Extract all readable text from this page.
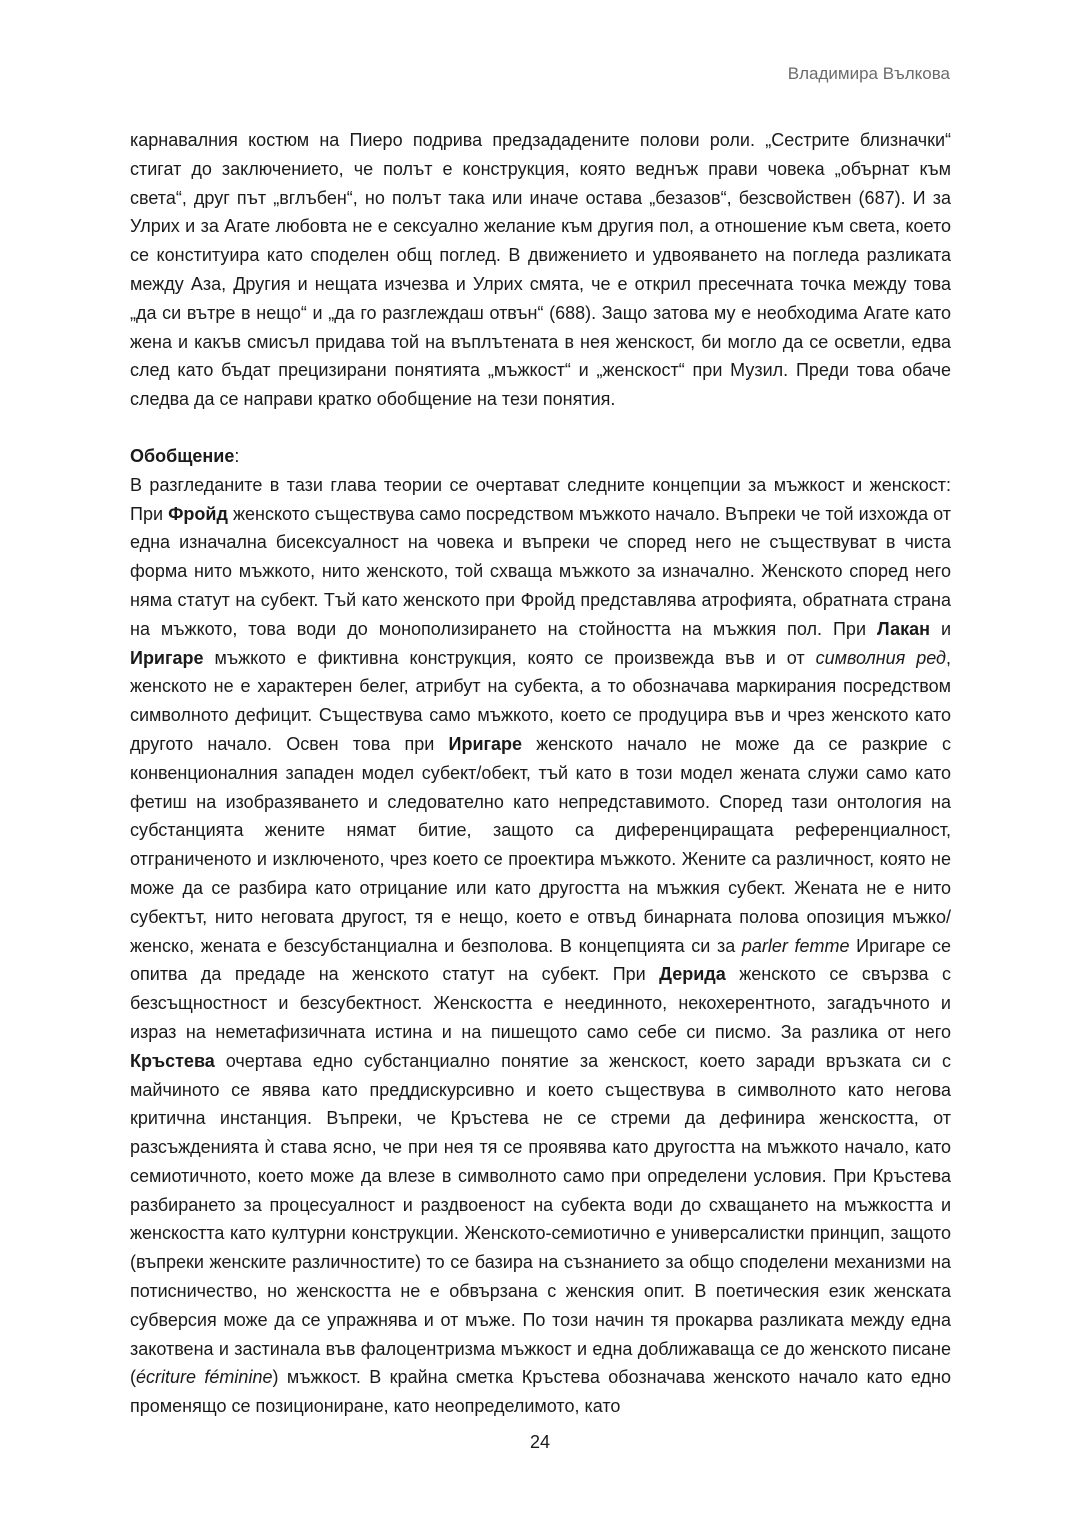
Владимира Вълкова

карнавалния костюм на Пиеро подрива предзададените полови роли. „Сестрите близначки“ стигат до заключението, че полът е конструкция, която веднъж прави човека „обърнат към света“, друг път „вглъбен“, но полът така или иначе остава „безазов“, безсвойствен (687). И за Улрих и за Агате любовта не е сексуално желание към другия пол, а отношение към света, което се конституира като споделен общ поглед. В движението и удвояването на погледа разликата между Аза, Другия и нещата изчезва и Улрих смята, че е открил пресечната точка между това „да си вътре в нещо“ и „да го разглеждаш отвън“ (688). Защо затова му е необходима Агате като жена и какъв смисъл придава той на въплътената в нея женскост, би могло да се осветли, едва след като бъдат прецизирани понятията „мъжкост“ и „женскост“ при Музил. Преди това обаче следва да се направи кратко обобщение на тези понятия.

Обобщение:

В разгледаните в тази глава теории се очертават следните концепции за мъжкост и женскост: При Фройд женското съществува само посредством мъжкото начало. Въпреки че той изхожда от една изначална бисексуалност на човека и въпреки че според него не съществуват в чиста форма нито мъжкото, нито женското, той схваща мъжкото за изначално. Женското според него няма статут на субект. Тъй като женското при Фройд представлява атрофията, обратната страна на мъжкото, това води до монополизирането на стойността на мъжкия пол. При Лакан и Иригаре мъжкото е фиктивна конструкция, която се произвежда във и от символния ред, женското не е характерен белег, атрибут на субекта, а то обозначава маркирания посредством символното дефицит. Съществува само мъжкото, което се продуцира във и чрез женското като другото начало. Освен това при Иригаре женското начало не може да се разкрие с конвенционалния западен модел субект/обект, тъй като в този модел жената служи само като фетиш на изобразяването и следователно като непредставимото. Според тази онтология на субстанцията жените нямат битие, защото са диференциращата референциалност, отграниченото и изключеното, чрез което се проектира мъжкото. Жените са различност, която не може да се разбира като отрицание или като другостта на мъжкия субект. Жената не е нито субектът, нито неговата другост, тя е нещо, което е отвъд бинарната полова опозиция мъжко/женско, жената е безсубстанциална и безполова. В концепцията си за parler femme Иригаре се опитва да предаде на женското статут на субект. При Дерида женското се свързва с безсъщностност и безсубектност. Женскостта е неединното, некохерентното, загадъчното и израз на неметафизичната истина и на пишещото само себе си писмо. За разлика от него Кръстева очертава едно субстанциално понятие за женскост, което заради връзката си с майчиното се явява като преддискурсивно и което съществува в символното като негова критична инстанция. Въпреки, че Кръстева не се стреми да дефинира женскостта, от разсъжденията ѝ става ясно, че при нея тя се проявява като другостта на мъжкото начало, като семиотичното, което може да влезе в символното само при определени условия. При Кръстева разбирането за процесуалност и раздвоеност на субекта води до схващането на мъжкостта и женскостта като културни конструкции. Женското-семиотично е универсалистки принцип, защото (въпреки женските различностите) то се базира на съзнанието за общо споделени механизми на потисничество, но женскостта не е обвързана с женския опит. В поетическия език женската субверсия може да се упражнява и от мъже. По този начин тя прокарва разликата между една закотвена и застинала във фалоцентризма мъжкост и една доближаваща се до женското писане (écriture féminine) мъжкост. В крайна сметка Кръстева обозначава женското начало като едно променящо се позициониране, като неопределимото, като

24
